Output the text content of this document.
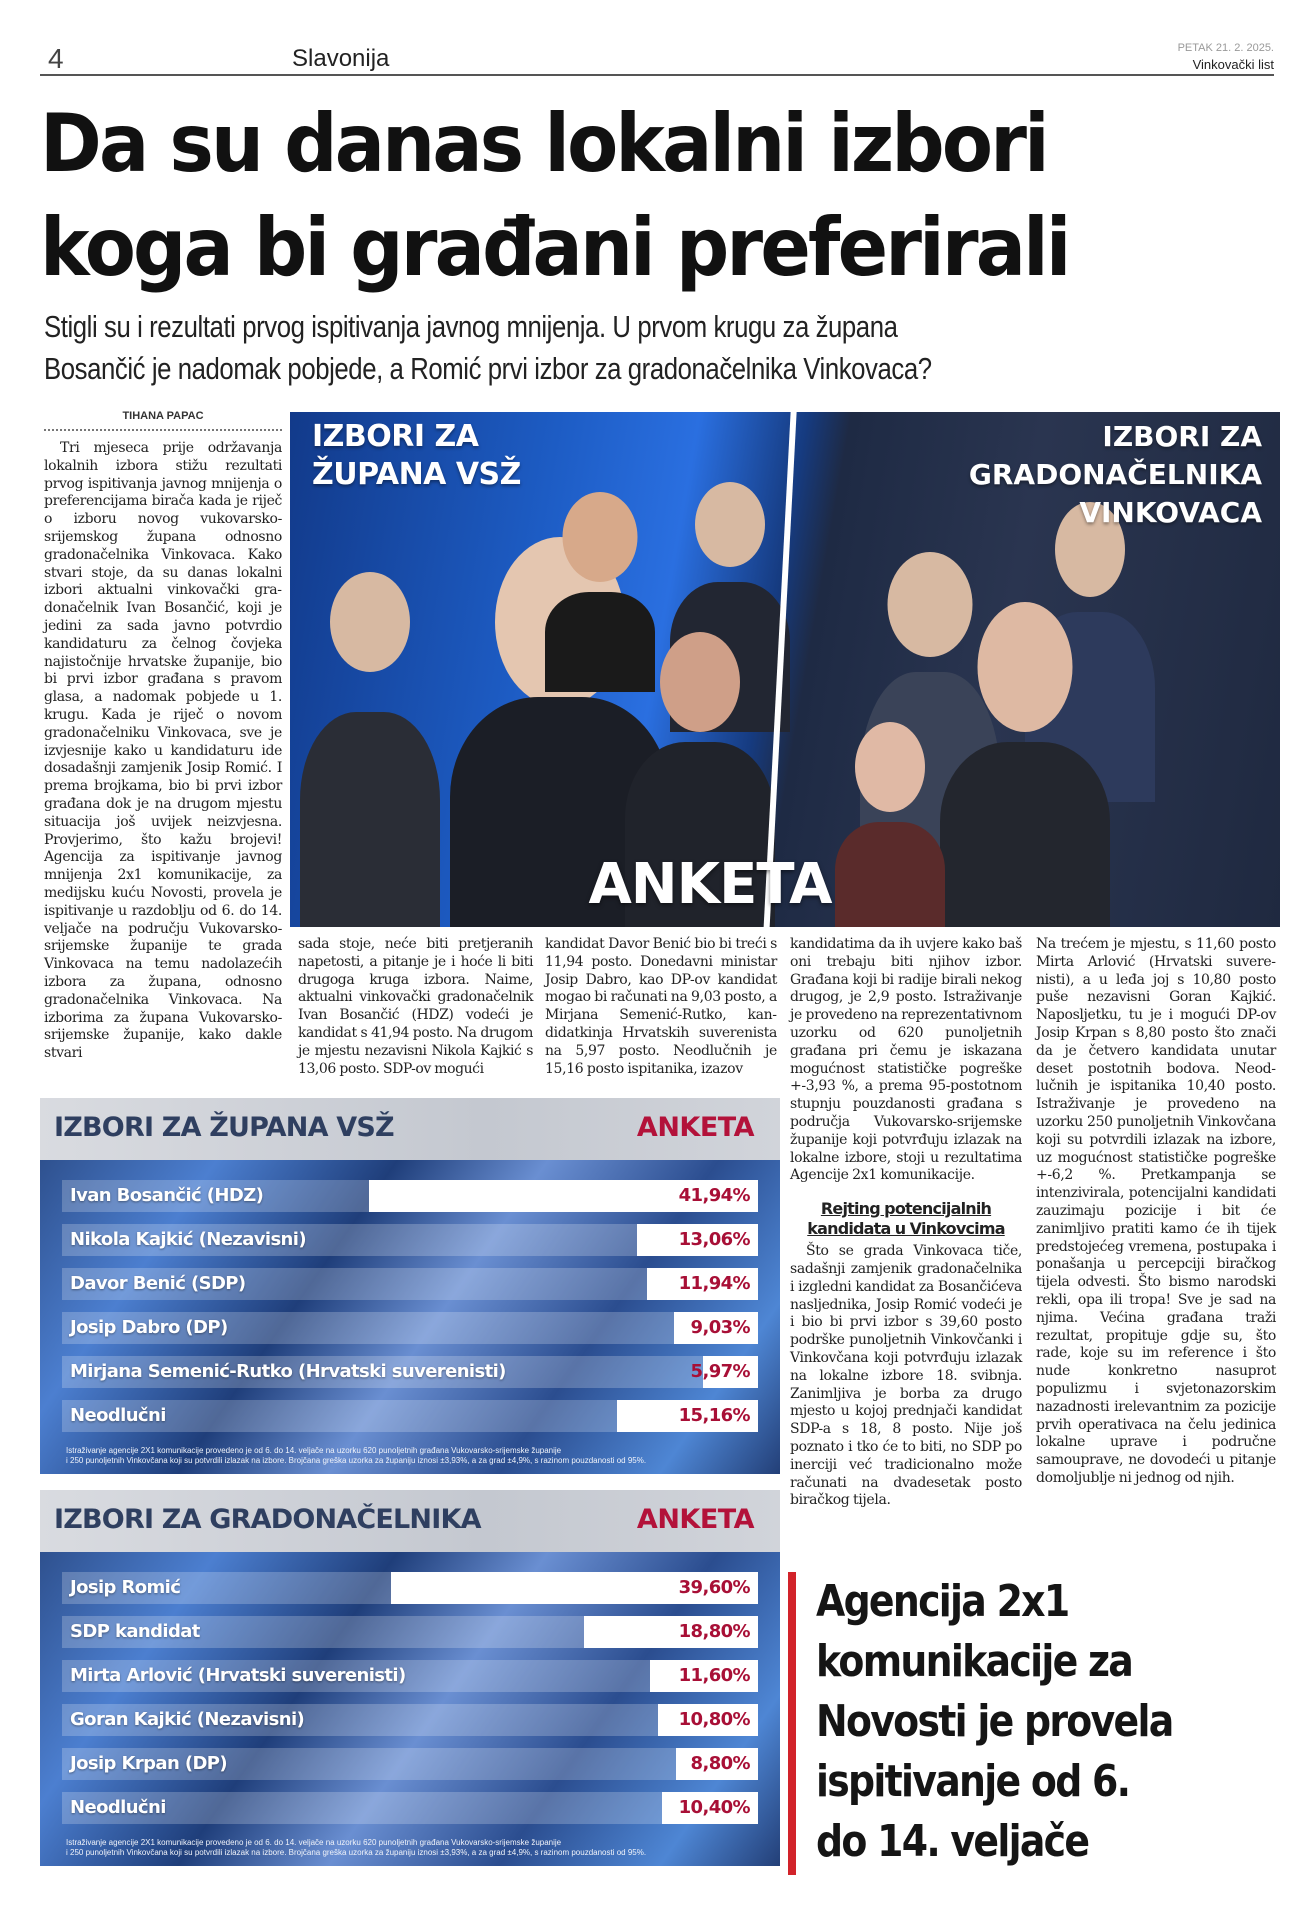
4	Slavonija	PETAK 21. 2. 2025.
Vinkovački list
Da su danas lokalni izbori
koga bi građani preferirali
Stigli su i rezultati prvog ispitivanja javnog mnijenja. U prvom krugu za župana
Bosančić je nadomak pobjede, a Romić prvi izbor za gradonačelnika Vinkovaca?
TIHANA PAPAC

Tri mjeseca prije održavanja lokalnih izbora stižu rezultati prvog ispitivanja javnog mnijenja o preferencijama birača kada je riječ o izboru novog vukovarsko-srijemskog župana odnosno gradonačelnika Vinkovaca. Kako stvari stoje, da su danas lokalni izbori aktualni vinkovački gradonačelnik Ivan Bosančić, koji je jedini za sada javno potvrdio kandidaturu za čelnog čovjeka najistočnije hrvatske županije, bio bi prvi izbor građana s pravom glasa, a nadomak pobjede u 1. krugu. Kada je riječ o novom gradonačelniku Vinkovaca, sve je izvjesnije kako u kandidaturu ide dosadašnji zamjenik Josip Romić. I prema brojkama, bio bi prvi izbor građana dok je na drugom mjestu situacija još uvijek neizvjesna. Provjerimo, što kažu brojevi! Agencija za ispitivanje javnog mnijenja 2x1 komunikacije, za medijsku kuću Novosti, provela je ispitivanje u razdoblju od 6. do 14. veljače na području Vukovarsko-srijemske županije te grada Vinkovaca na temu nadolazećih izbora za župana, odnosno gradonačelnika Vinkovaca. Na izborima za župana Vukovarsko-srijemske županije, kako dakle stvari

sada stoje, neće biti pretjeranih napetosti, a pitanje je i hoće li biti drugoga kruga izbora. Naime, aktualni vinkovački gradonačelnik Ivan Bosančić (HDZ) vodeći je kandidat s 41,94 posto. Na drugom je mjestu nezavisni Nikola Kajkić s 13,06 posto. SDP-ov mogući

kandidat Davor Benić bio bi treći s 11,94 posto. Donedavni ministar Josip Dabro, kao DP-ov kandidat mogao bi računati na 9,03 posto, a Mirjana Semenić-Rutko, kandidatkinja Hrvatskih suverenista na 5,97 posto. Neodlučnih je 15,16 posto ispitanika, izazov

kandidatima da ih uvjere kako baš oni trebaju biti njihov izbor. Građana koji bi radije birali nekog drugog, je 2,9 posto. Istraživanje je provedeno na reprezentativnom uzorku od 620 punoljetnih građana pri čemu je iskazana mogućnost statističke pogreške +-3,93 %, a prema 95-postotnom stupnju pouzdanosti građana s područja Vukovarsko-srijemske županije koji potvrđuju izlazak na lokalne izbore, stoji u rezultatima Agencije 2x1 komunikacije.

Rejting potencijalnih kandidata u Vinkovcima

Što se grada Vinkovaca tiče, sadašnji zamjenik gradonačelnika i izgledni kandidat za Bosančićeva nasljednika, Josip Romić vodeći je i bio bi prvi izbor s 39,60 posto podrške punoljetnih Vinkovčanki i Vinkovčana koji potvrđuju izlazak na lokalne izbore 18. svibnja. Zanimljiva je borba za drugo mjesto u kojoj prednjači kandidat SDP-a s 18, 8 posto. Nije još poznato i tko će to biti, no SDP po inerciji već tradicionalno može računati na dvadesetak posto biračkog tijela.

Na trećem je mjestu, s 11,60 posto Mirta Arlović (Hrvatski suverenisti), a u leđa joj s 10,80 posto puše nezavisni Goran Kajkić. Naposljetku, tu je i mogući DP-ov Josip Krpan s 8,80 posto što znači da je četvero kandidata unutar deset postotnih bodova. Neodlučnih je ispitanika 10,40 posto. Istraživanje je provedeno na uzorku 250 punoljetnih Vinkovčana koji su potvrdili izlazak na izbore, uz mogućnost statističke pogreške +-6,2 %. Pretkampanja se intenzivirala, potencijalni kandidati zauzimaju pozicije i bit će zanimljivo pratiti kamo će ih tijek predstojećeg vremena, postupaka i ponašanja u percepciji biračkog tijela odvesti. Što bismo narodski rekli, opa ili tropa! Sve je sad na njima. Većina građana traži rezultat, propituje gdje su, što rade, koje su im reference i što nude konkretno nasuprot populizmu i svjetonazorskim nazadnosti irelevantnim za pozicije prvih operativaca na čelu jedinica lokalne uprave i područne samouprave, ne dovodeći u pitanje domoljublje ni jednog od njih.

IZBORI ZA
ŽUPANA VSŽ
IZBORI ZA
GRADONAČELNIKA
VINKOVACA
ANKETA
IZBORI ZA ŽUPANA VSŽ	ANKETA
Ivan Bosančić (HDZ)	41,94%
Nikola Kajkić (Nezavisni)	13,06%
Davor Benić (SDP)	11,94%
Josip Dabro (DP)	9,03%
Mirjana Semenić-Rutko (Hrvatski suverenisti)	5,97%
Neodlučni	15,16%
Istraživanje agencije 2X1 komunikacije provedeno je od 6. do 14. veljače na uzorku 620 punoljetnih građana Vukovarsko-srijemske županije
i 250 punoljetnih Vinkovčana koji su potvrdili izlazak na izbore. Brojčana greška uzorka za županiju iznosi ±3,93%, a za grad ±4,9%, s razinom pouzdanosti od 95%.
IZBORI ZA GRADONAČELNIKA	ANKETA
Josip Romić	39,60%
SDP kandidat	18,80%
Mirta Arlović (Hrvatski suverenisti)	11,60%
Goran Kajkić (Nezavisni)	10,80%
Josip Krpan (DP)	8,80%
Neodlučni	10,40%
Istraživanje agencije 2X1 komunikacije provedeno je od 6. do 14. veljače na uzorku 620 punoljetnih građana Vukovarsko-srijemske županije
i 250 punoljetnih Vinkovčana koji su potvrdili izlazak na izbore. Brojčana greška uzorka za županiju iznosi ±3,93%, a za grad ±4,9%, s razinom pouzdanosti od 95%.
Agencija 2x1
komunikacije za
Novosti je provela
ispitivanje od 6.
do 14. veljače
